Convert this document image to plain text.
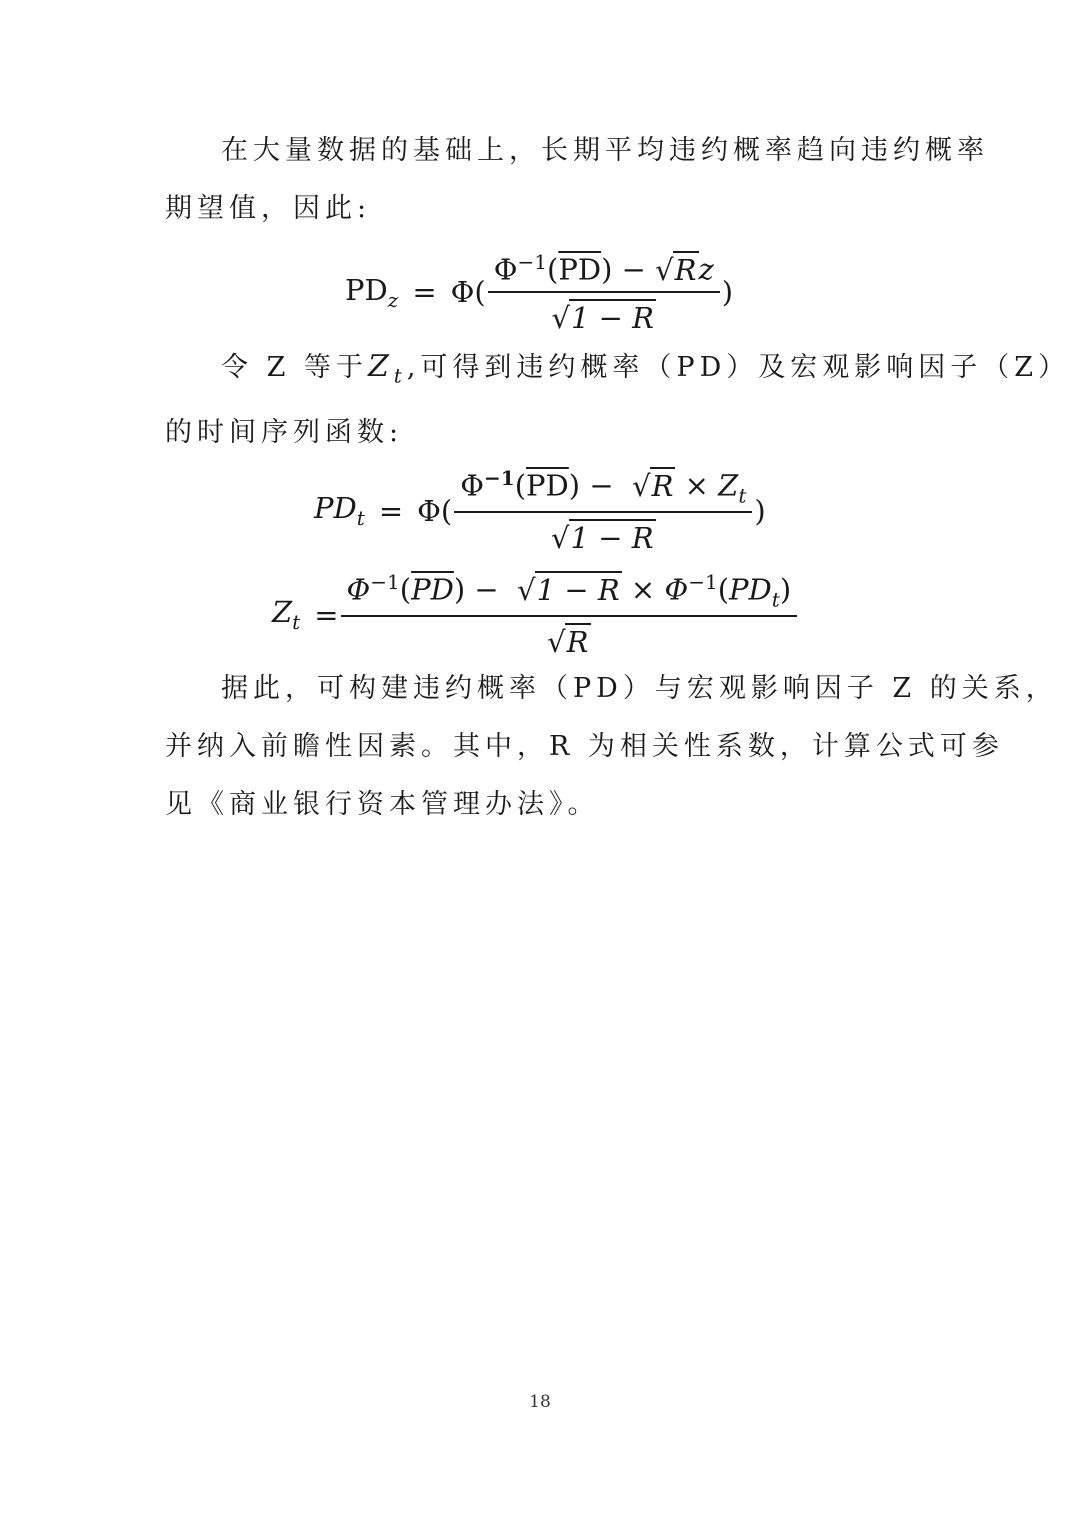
在大量数据的基础上，长期平均违约概率趋向违约概率
期望值，因此:
$PD_z = \Phi$ ( $\frac{\Phi^{-1}(\overline{PD}) - √ R z}{√ 1 - R}$ )
令 Z 等于$Z_t$,可得到违约概率（PD）及宏观影响因子（Z）
的时间序列函数:
$PD_t = \Phi$ ( $\frac{\Phi^{-1}(\overline{PD}) - √ R \times Z_t}{√ 1 - R}$ )
$Z_t = \frac{\Phi^{-1}(\overline{PD}) - √ 1 - R \times \Phi^{-1}(PD_t)}{√ R}$
据此，可构建违约概率（PD）与宏观影响因子 Z 的关系，
并纳入前瞻性因素。其中，R 为相关性系数，计算公式可参
见《商业银行资本管理办法》。
18
